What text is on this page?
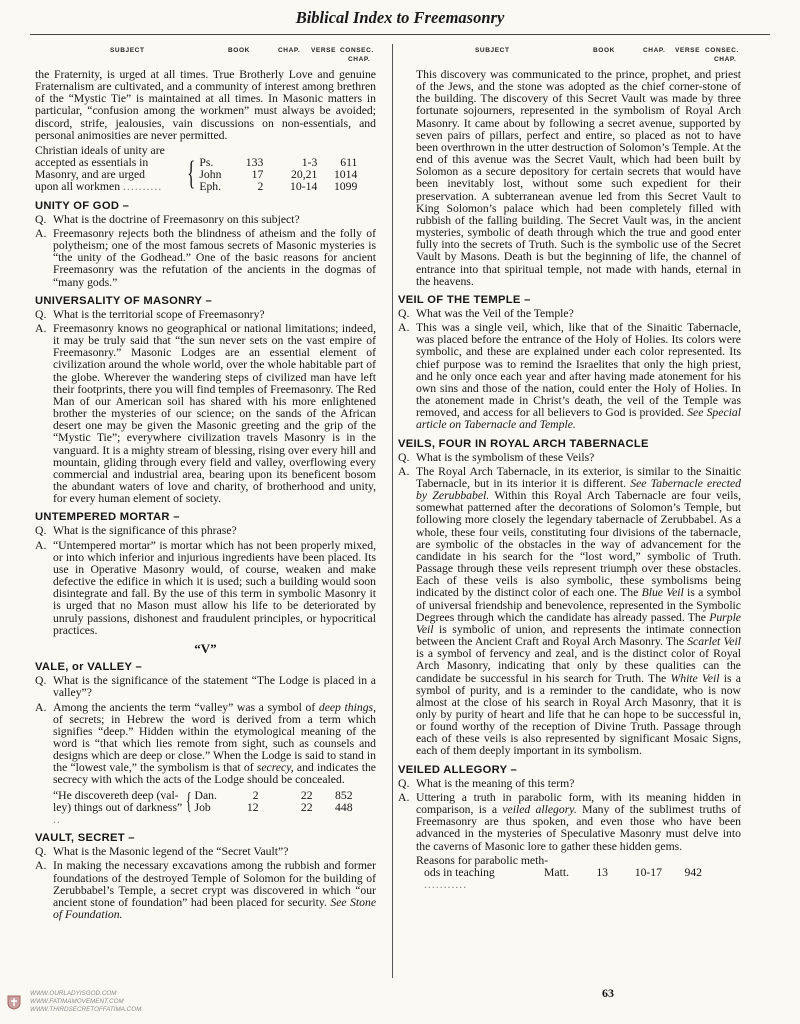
Biblical Index to Freemasonry
SUBJECT	BOOK	CHAP. VERSE CONSEC.
CHAP.
SUBJECT	BOOK	CHAP. VERSE CONSEC.
CHAP.

the Fraternity, is urged at all times. True Brotherly Love and genuine Fraternalism are cultivated, and a community of interest among brethren of the “Mystic Tie” is maintained at all times. In Masonic matters in particular, “confusion among the workmen” must always be avoided; discord, strife, jealousies, vain discussions on non-essentials, and personal animosities are never permitted.

Christian ideals of unity are
accepted as essentials in
Masonry, and are urged
upon all workmen .......... { Ps.	133	1-3	611
John	17	20,21	1014
Eph.	2	10-14	1099
UNITY OF GOD –
Q. What is the doctrine of Freemasonry on this subject?
A. Freemasonry rejects both the blindness of atheism and the folly of polytheism; one of the most famous secrets of Masonic mysteries is “the unity of the Godhead.” One of the basic reasons for ancient Freemasonry was the refutation of the ancients in the dogmas of “many gods.”
UNIVERSALITY OF MASONRY –
Q. What is the territorial scope of Freemasonry?
A. Freemasonry knows no geographical or national limitations; indeed, it may be truly said that “the sun never sets on the vast empire of Freemasonry.” Masonic Lodges are an essential element of civilization around the whole world, over the whole habitable part of the globe. Wherever the wandering steps of civilized man have left their footprints, there you will find temples of Freemasonry. The Red Man of our American soil has shared with his more enlightened brother the mysteries of our science; on the sands of the African desert one may be given the Masonic greeting and the grip of the “Mystic Tie”; everywhere civilization travels Masonry is in the vanguard. It is a mighty stream of blessing, rising over every hill and mountain, gliding through every field and valley, overflowing every commercial and industrial area, bearing upon its beneficent bosom the abundant waters of love and charity, of brotherhood and unity, for every human element of society.
UNTEMPERED MORTAR –
Q. What is the significance of this phrase?
A. “Untempered mortar” is mortar which has not been properly mixed, or into which inferior and injurious ingredients have been placed. Its use in Operative Masonry would, of course, weaken and make defective the edifice in which it is used; such a building would soon disintegrate and fall. By the use of this term in symbolic Masonry it is urged that no Mason must allow his life to be deteriorated by unruly passions, dishonest and fraudulent principles, or hypocritical practices.
“V”
VALE, or VALLEY –
Q. What is the significance of the statement “The Lodge is placed in a valley”?
A. Among the ancients the term “valley” was a symbol of deep things, of secrets; in Hebrew the word is derived from a term which signifies “deep.” Hidden within the etymological meaning of the word is “that which lies remote from sight, such as counsels and designs which are deep or close.” When the Lodge is said to stand in the “lowest vale,” the symbolism is that of secrecy, and indicates the secrecy with which the acts of the Lodge should be concealed.
“He discovereth deep (val-
ley) things out of darkness” ..
{ Dan.	2	22	852
Job	12	22	448
VAULT, SECRET –
Q. What is the Masonic legend of the “Secret Vault”?
A. In making the necessary excavations among the rubbish and former foundations of the destroyed Temple of Solomon for the building of Zerubbabel’s Temple, a secret crypt was discovered in which “our ancient stone of foundation” had been placed for security. See Stone of Foundation.

This discovery was communicated to the prince, prophet, and priest of the Jews, and the stone was adopted as the chief corner-stone of the building. The discovery of this Secret Vault was made by three fortunate sojourners, represented in the symbolism of Royal Arch Masonry. It came about by following a secret avenue, supported by seven pairs of pillars, perfect and entire, so placed as not to have been overthrown in the utter destruction of Solomon’s Temple. At the end of this avenue was the Secret Vault, which had been built by Solomon as a secure depository for certain secrets that would have been inevitably lost, without some such expedient for their preservation. A subterranean avenue led from this Secret Vault to King Solomon’s palace which had been completely filled with rubbish of the falling building. The Secret Vault was, in the ancient mysteries, symbolic of death through which the true and good enter fully into the secrets of Truth. Such is the symbolic use of the Secret Vault by Masons. Death is but the beginning of life, the channel of entrance into that spiritual temple, not made with hands, eternal in the heavens.

VEIL OF THE TEMPLE –
Q. What was the Veil of the Temple?
A. This was a single veil, which, like that of the Sinaitic Tabernacle, was placed before the entrance of the Holy of Holies. Its colors were symbolic, and these are explained under each color represented. Its chief purpose was to remind the Israelites that only the high priest, and he only once each year and after having made atonement for his own sins and those of the nation, could enter the Holy of Holies. In the atonement made in Christ’s death, the veil of the Temple was removed, and access for all believers to God is provided. See Special article on Tabernacle and Temple.
VEILS, FOUR IN ROYAL ARCH TABERNACLE
Q. What is the symbolism of these Veils?
A. The Royal Arch Tabernacle, in its exterior, is similar to the Sinaitic Tabernacle, but in its interior it is different. See Tabernacle erected by Zerubbabel. Within this Royal Arch Tabernacle are four veils, somewhat patterned after the decorations of Solomon’s Temple, but following more closely the legendary tabernacle of Zerubbabel. As a whole, these four veils, constituting four divisions of the tabernacle, are symbolic of the obstacles in the way of advancement for the candidate in his search for the “lost word,” symbolic of Truth. Passage through these veils represent triumph over these obstacles. Each of these veils is also symbolic, these symbolisms being indicated by the distinct color of each one. The Blue Veil is a symbol of universal friendship and benevolence, represented in the Symbolic Degrees through which the candidate has already passed. The Purple Veil is symbolic of union, and represents the intimate connection between the Ancient Craft and Royal Arch Masonry. The Scarlet Veil is a symbol of fervency and zeal, and is the distinct color of Royal Arch Masonry, indicating that only by these qualities can the candidate be successful in his search for Truth. The White Veil is a symbol of purity, and is a reminder to the candidate, who is now almost at the close of his search in Royal Arch Masonry, that it is only by purity of heart and life that he can hope to be successful in, or found worthy of the reception of Divine Truth. Passage through each of these veils is also represented by significant Mosaic Signs, each of them deeply important in its symbolism.
VEILED ALLEGORY –
Q. What is the meaning of this term?
A. Uttering a truth in parabolic form, with its meaning hidden in comparison, is a veiled allegory. Many of the sublimest truths of Freemasonry are thus spoken, and even those who have been advanced in the mysteries of Speculative Masonry must delve into the caverns of Masonic lore to gather these hidden gems.
Reasons for parabolic meth-
ods in teaching
...........
Matt.	13	10-17	942
63
WWW.OURLADYISGOD.COM
WWW.FATIMAMOVEMENT.COM
WWW.THIRDSECRETOFFATIMA.COM
